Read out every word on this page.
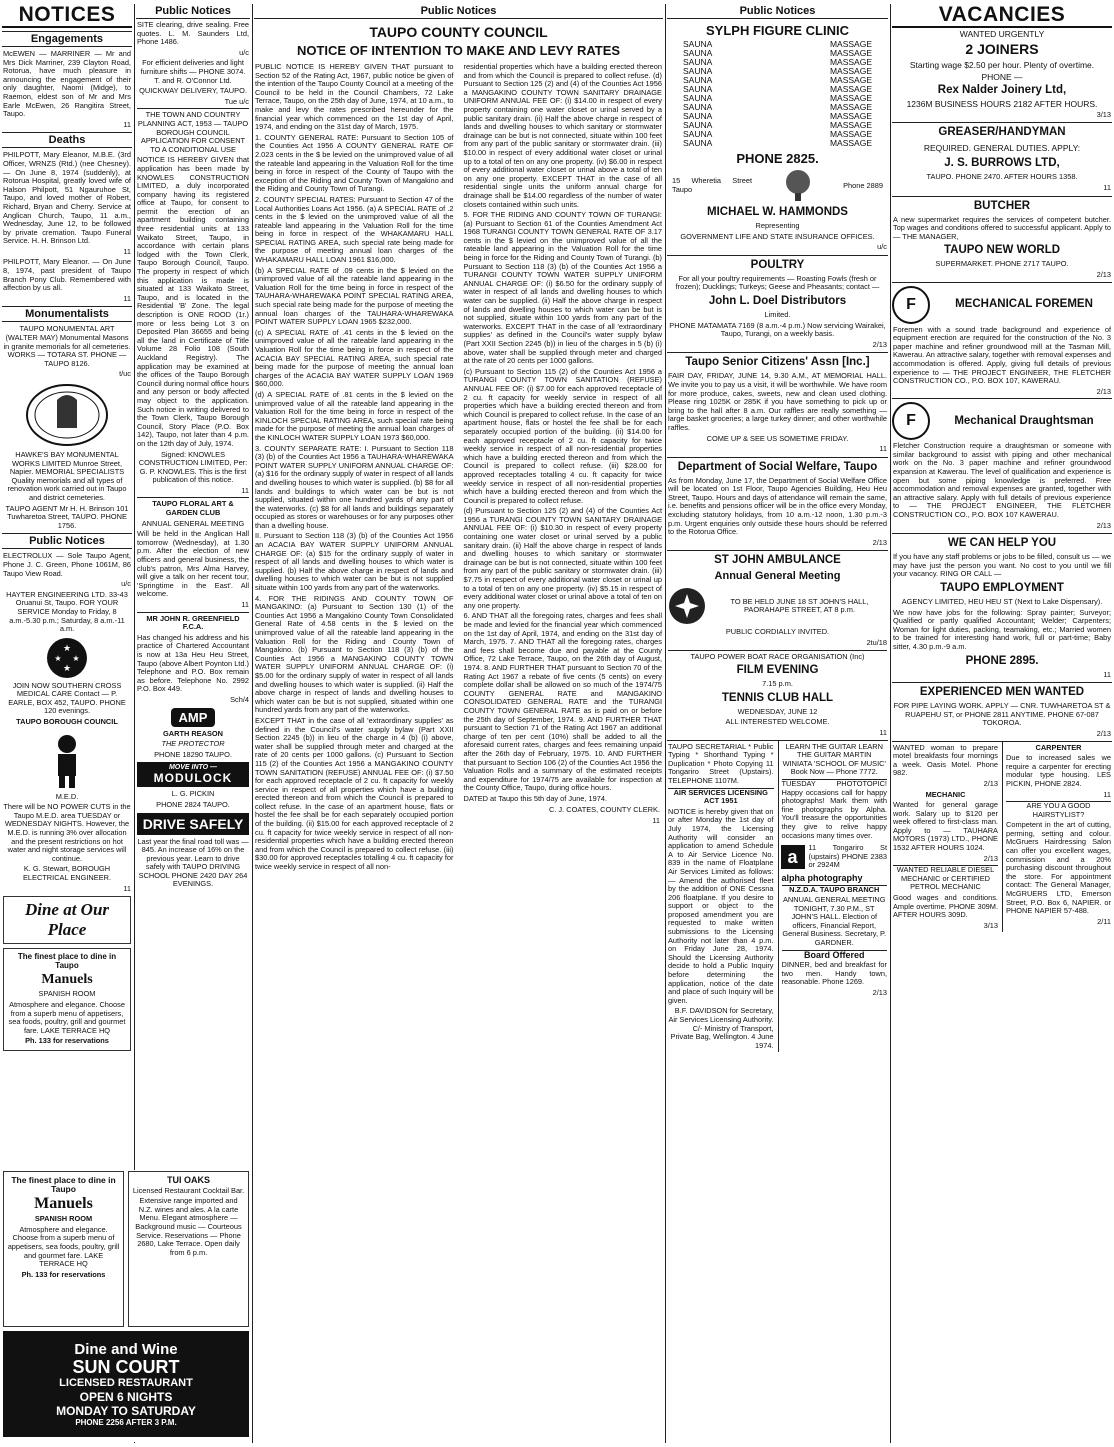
NOTICES
Engagements
McEWEN — MARRINER — Mr and Mrs Dick Marriner, 239 Clayton Road, Rotorua, have much pleasure in announcing the engagement of their only daughter, Naomi (Midge), to Raemon, eldest son of Mr and Mrs Earle McEwen, 26 Rangitira Street, Taupo.
11
Deaths
PHILPOTT, Mary Eleanor, M.B.E. (3rd Officer, WRNZS (Rtd.) (nee Chesney). — On June 8, 1974 (suddenly), at Rotorua Hospital, greatly loved wife of Halson Philpott, 51 Ngauruhoe St, Taupo, and loved mother of Robert, Richard, Bryan and Cherry. Service at Anglican Church, Taupo, 11 a.m., Wednesday, June 12, to be followed by private cremation. Taupo Funeral Service. H. H. Brinson Ltd.
11
PHILPOTT, Mary Eleanor. — On June 8, 1974, past president of Taupo Branch Pony Club. Remembered with affection by us all.
11
Monumentalists
TAUPO MONUMENTAL ART (WALTER MAY) Monumental Masons in granite memorials for all cemeteries. WORKS — TOTARA ST. PHONE — TAUPO 8126.
t/uc
HAWKE'S BAY MONUMENTAL WORKS LIMITED Munroe Street, Napier. MEMORIAL SPECIALISTS Quality memorials and all types of renovation work carried out in Taupo and district cemeteries.
TAUPO AGENT Mr H. H. Brinson 101 Tuwharetoa Street, TAUPO. PHONE 1756.
Public Notices
ELECTROLUX — Sole Taupo Agent, Phone J. C. Green, Phone 1061M, 86 Taupo View Road.
u/c
HAYTER ENGINEERING LTD. 33-43 Oruanui St, Taupo. FOR YOUR SERVICE Monday to Friday, 8 a.m.-5.30 p.m.; Saturday, 8 a.m.-11 a.m.
★
★ ★
★
JOIN NOW SOUTHERN CROSS MEDICAL CARE Contact — P. EARLE, BOX 452, TAUPO. PHONE 120 evenings.
TAUPO BOROUGH COUNCIL
M.E.D.
There will be NO POWER CUTS in the Taupo M.E.D. area TUESDAY or WEDNESDAY NIGHTS. However, the M.E.D. is running 3% over allocation and the present restrictions on hot water and night storage services will continue.
K. G. Stewart, BOROUGH ELECTRICAL ENGINEER.
11
Dine at Our Place
The finest place to dine in Taupo
Manuels
SPANISH ROOM
Atmosphere and elegance. Choose from a superb menu of appetisers, sea foods, poultry, grill and gourmet fare. LAKE TERRACE HQ
Ph. 133 for reservations
Public Notices
SITE clearing, drive sealing. Free quotes. L. M. Saunders Ltd, Phone 1486.
u/c
For efficient deliveries and light furniture shifts — PHONE 3074. T. and R. O'Connor Ltd.
QUICKWAY DELIVERY, TAUPO.
Tue u/c
THE TOWN AND COUNTRY PLANNING ACT, 1953 — TAUPO BOROUGH COUNCIL APPLICATION FOR CONSENT TO A CONDITIONAL USE
NOTICE IS HEREBY GIVEN that application has been made by KNOWLES CONSTRUCTION LIMITED, a duly incorporated company having its registered office at Taupo, for consent to permit the erection of an apartment building containing three residential units at 133 Waikato Street, Taupo, in accordance with certain plans lodged with the Town Clerk, Taupo Borough Council, Taupo. The property in respect of which this application is made is situated at 133 Waikato Street, Taupo, and is located in the Residential 'B' Zone. The legal description is ONE ROOD (1r.) more or less being Lot 3 on Deposited Plan 36655 and being all the land in Certificate of Title Volume 28 Folio 108 (South Auckland Registry). The application may be examined at the offices of the Taupo Borough Council during normal office hours and any person or body affected may object to the application. Such notice in writing delivered to the Town Clerk, Taupo Borough Council, Story Place (P.O. Box 142), Taupo, not later than 4 p.m. on the 12th day of July, 1974.
Signed: KNOWLES CONSTRUCTION LIMITED, Per: G. P. KNOWLES. This is the first publication of this notice.
11
TAUPO FLORAL ART & GARDEN CLUB
ANNUAL GENERAL MEETING
Will be held in the Anglican Hall tomorrow (Wednesday), at 1.30 p.m. After the election of new officers and general business, the club's patron, Mrs Alma Harvey, will give a talk on her recent tour, 'Springtime in the East'. All welcome.
11
MR JOHN R. GREENFIELD F.C.A.
Has changed his address and his practice of Chartered Accountant is now at 13a Heu Heu Street, Taupo (above Albert Poynton Ltd.) Telephone and P.O. Box remain as before. Telephone No. 2992 P.O. Box 449.
Sch/4
AMP
GARTH REASON
THE PROTECTOR
PHONE 18290 TAUPO.
MOVE INTO —
MODULOCK
L. G. PICKIN
PHONE 2824 TAUPO.
DRIVE SAFELY
Last year the final road toll was — 845. An increase of 16% on the previous year. Learn to drive safely with TAUPO DRIVING SCHOOL PHONE 2420 DAY 264 EVENINGS.
Public Notices
TAUPO COUNTY COUNCIL
NOTICE OF INTENTION TO MAKE AND LEVY RATES
PUBLIC NOTICE IS HEREBY GIVEN THAT pursuant to Section 52 of the Rating Act, 1967, public notice be given of the intention of the Taupo County Council at a meeting of the Council to be held in the Council Chambers, 72 Lake Terrace, Taupo, on the 25th day of June, 1974, at 10 a.m., to make and levy the rates prescribed hereunder for the financial year which commenced on the 1st day of April, 1974, and ending on the 31st day of March, 1975.
1. COUNTY GENERAL RATE: Pursuant to Section 105 of the Counties Act 1956 A COUNTY GENERAL RATE OF 2.023 cents in the $ be levied on the unimproved value of all the rateable land appearing in the Valuation Roll for the time being in force in respect of the County of Taupo with the exception of the Riding and County Town of Mangakino and the Riding and County Town of Turangi.
2. COUNTY SPECIAL RATES: Pursuant to Section 47 of the Local Authorities Loans Act 1956. (a) A SPECIAL RATE of .2 cents in the $ levied on the unimproved value of all the rateable land appearing in the Valuation Roll for the time being in force in respect of the WHAKAMARU HALL SPECIAL RATING AREA, such special rate being made for the purpose of meeting annual loan charges of the WHAKAMARU HALL LOAN 1961 $16,000.
(b) A SPECIAL RATE of .09 cents in the $ levied on the unimproved value of all the rateable land appearing in the Valuation Roll for the time being in force in respect of the TAUHARA-WHAREWAKA POINT SPECIAL RATING AREA, such special rate being made for the purpose of meeting the annual loan charges of the TAUHARA-WHAREWAKA POINT WATER SUPPLY LOAN 1965 $232,000.
(c) A SPECIAL RATE of .41 cents in the $ levied on the unimproved value of all the rateable land appearing in the Valuation Roll for the time being in force in respect of the ACACIA BAY SPECIAL RATING AREA, such special rate being made for the purpose of meeting the annual loan charges of the ACACIA BAY WATER SUPPLY LOAN 1969 $60,000.
(d) A SPECIAL RATE of .81 cents in the $ levied on the unimproved value of all the rateable land appearing in the Valuation Roll for the time being in force in respect of the KINLOCH SPECIAL RATING AREA, such special rate being made for the purpose of meeting the annual loan charges of the KINLOCH WATER SUPPLY LOAN 1973 $60,000.
3. COUNTY SEPARATE RATE: I. Pursuant to Section 118 (3) (b) of the Counties Act 1956 a TAUHARA-WHAREWAKA POINT WATER SUPPLY UNIFORM ANNUAL CHARGE OF: (a) $16 for the ordinary supply of water in respect of all lands and dwelling houses to which water is supplied. (b) $8 for all lands and buildings to which water can be but is not supplied, situated within one hundred yards of any part of the waterworks. (c) $8 for all lands and buildings separately occupied as stores or warehouses or for any purposes other than a dwelling house.
II. Pursuant to Section 118 (3) (b) of the Counties Act 1956 an ACACIA BAY WATER SUPPLY UNIFORM ANNUAL CHARGE OF: (a) $15 for the ordinary supply of water in respect of all lands and dwelling houses to which water is supplied. (b) Half the above charge in respect of lands and dwelling houses to which water can be but is not supplied situate within 100 yards from any part of the waterworks.
4. FOR THE RIDINGS AND COUNTY TOWN OF MANGAKINO: (a) Pursuant to Section 130 (1) of the Counties Act 1956 a Mangakino County Town Consolidated General Rate of 4.58 cents in the $ levied on the unimproved value of all the rateable land appearing in the Valuation Roll for the Riding and County Town of Mangakino. (b) Pursuant to Section 118 (3) (b) of the Counties Act 1956 a MANGAKINO COUNTY TOWN WATER SUPPLY UNIFORM ANNUAL CHARGE OF: (i) $5.00 for the ordinary supply of water in respect of all lands and dwelling houses to which water is supplied. (ii) Half the above charge in respect of lands and dwelling houses to which water can be but is not supplied, situated within one hundred yards from any part of the waterworks.
EXCEPT THAT in the case of all 'extraordinary supplies' as defined in the Council's water supply bylaw (Part XXII Section 2245 (b)) in lieu of the charge in 4 (b) (i) above, water shall be supplied through meter and charged at the rate of 20 cents per 1000 gallons. (c) Pursuant to Section 115 (2) of the Counties Act 1956 a MANGAKINO COUNTY TOWN SANITATION (REFUSE) ANNUAL FEE OF: (i) $7.50 for each approved receptacle of 2 cu. ft capacity for weekly service in respect of all properties which have a building erected thereon and from which the Council is prepared to collect refuse. In the case of an apartment house, flats or hostel the fee shall be for each separately occupied portion of the building. (ii) $15.00 for each approved receptacle of 2 cu. ft capacity for twice weekly service in respect of all non-residential properties which have a building erected thereon and from which the Council is prepared to collect refuse. (iii) $30.00 for approved receptacles totalling 4 cu. ft capacity for twice weekly service in respect of all non-
residential properties which have a building erected thereon and from which the Council is prepared to collect refuse. (d) Pursuant to Section 125 (2) and (4) of the Counties Act 1956 a MANGAKINO COUNTY TOWN SANITARY DRAINAGE UNIFORM ANNUAL FEE OF: (i) $14.00 in respect of every property containing one water closet or urinal served by a public sanitary drain. (ii) Half the above charge in respect of lands and dwelling houses to which sanitary or stormwater drainage can be but is not connected, situate within 100 feet from any part of the public sanitary or stormwater drain. (iii) $10.00 in respect of every additional water closet or urinal up to a total of ten on any one property. (iv) $6.00 in respect of every additional water closet or urinal above a total of ten on any one property. EXCEPT THAT in the case of all residential single units the uniform annual charge for drainage shall be $14.00 regardless of the number of water closets contained within such units.
5. FOR THE RIDING AND COUNTY TOWN OF TURANGI: (a) Pursuant to Section 61 of the Counties Amendment Act 1968 TURANGI COUNTY TOWN GENERAL RATE OF 3.17 cents in the $ levied on the unimproved value of all the rateable land appearing in the Valuation Roll for the time being in force for the Riding and County Town of Turangi. (b) Pursuant to Section 118 (3) (b) of the Counties Act 1956 a TURANGI COUNTY TOWN WATER SUPPLY UNIFORM ANNUAL CHARGE OF: (i) $6.50 for the ordinary supply of water in respect of all lands and dwelling houses to which water can be supplied. (ii) Half the above charge in respect of lands and dwelling houses to which water can be but is not supplied, situate within 100 yards from any part of the waterworks. EXCEPT THAT in the case of all 'extraordinary supplies' as defined in the Council's water supply bylaw (Part XXII Section 2245 (b)) in lieu of the charges in 5 (b) (i) above, water shall be supplied through meter and charged at the rate of 20 cents per 1000 gallons.
(c) Pursuant to Section 115 (2) of the Counties Act 1956 a TURANGI COUNTY TOWN SANITATION (REFUSE) ANNUAL FEE OF: (i) $7.00 for each approved receptacle of 2 cu. ft capacity for weekly service in respect of all properties which have a building erected thereon and from which Council is prepared to collect refuse. In the case of an apartment house, flats or hostel the fee shall be for each separately occupied portion of the building. (ii) $14.00 for each approved receptacle of 2 cu. ft capacity for twice weekly service in respect of all non-residential properties which have a building erected thereon and from which the Council is prepared to collect refuse. (iii) $28.00 for approved receptacles totalling 4 cu. ft capacity for twice weekly service in respect of all non-residential properties which have a building erected thereon and from which the Council is prepared to collect refuse.
(d) Pursuant to Section 125 (2) and (4) of the Counties Act 1956 a TURANGI COUNTY TOWN SANITARY DRAINAGE ANNUAL FEE OF: (i) $10.30 in respect of every property containing one water closet or urinal served by a public sanitary drain. (ii) Half the above charge in respect of lands and dwelling houses to which sanitary or stormwater drainage can be but is not connected, situate within 100 feet from any part of the public sanitary or stormwater drain. (iii) $7.75 in respect of every additional water closet or urinal up to a total of ten on any one property. (iv) $5.15 in respect of every additional water closet or urinal above a total of ten on any one property.
6. AND THAT all the foregoing rates, charges and fees shall be made and levied for the financial year which commenced on the 1st day of April, 1974, and ending on the 31st day of March, 1975. 7. AND THAT all the foregoing rates, charges and fees shall become due and payable at the County Office, 72 Lake Terrace, Taupo, on the 26th day of August, 1974. 8. AND FURTHER THAT pursuant to Section 70 of the Rating Act 1967 a rebate of five cents (5 cents) on every complete dollar shall be allowed on so much of the 1974/75 COUNTY GENERAL RATE and MANGAKINO CONSOLIDATED GENERAL RATE and the TURANGI COUNTY TOWN GENERAL RATE as is paid on or before the 25th day of September, 1974. 9. AND FURTHER THAT pursuant to Section 71 of the Rating Act 1967 an additional charge of ten per cent (10%) shall be added to all the aforesaid current rates, charges and fees remaining unpaid after the 26th day of February, 1975. 10. AND FURTHER that pursuant to Section 106 (2) of the Counties Act 1956 the Valuation Rolls and a summary of the estimated receipts and expenditure for 1974/75 are available for inspection at the County Office, Taupo, during office hours.
DATED at Taupo this 5th day of June, 1974.
C. J. COATES, COUNTY CLERK.
11
Public Notices
SYLPH FIGURE CLINIC
SAUNA	MASSAGE
SAUNA	MASSAGE
SAUNA	MASSAGE
SAUNA	MASSAGE
SAUNA	MASSAGE
SAUNA	MASSAGE
SAUNA	MASSAGE
SAUNA	MASSAGE
SAUNA	MASSAGE
SAUNA	MASSAGE
SAUNA	MASSAGE
SAUNA	MASSAGE
PHONE 2825.
15 Wheretia Street Taupo	Phone 2889
MICHAEL W. HAMMONDS
Representing
GOVERNMENT LIFE AND STATE INSURANCE OFFICES.
u/c
POULTRY
For all your poultry requirements — Roasting Fowls (fresh or frozen); Ducklings; Turkeys; Geese and Pheasants; contact —
John L. Doel Distributors
Limited.
PHONE MATAMATA 7169 (8 a.m.-4 p.m.) Now servicing Wairakei, Taupo, Turangi, on a weekly basis.
2/13
Taupo Senior Citizens' Assn [Inc.]
FAIR DAY, FRIDAY, JUNE 14, 9.30 A.M., AT MEMORIAL HALL. We invite you to pay us a visit, it will be worthwhile. We have room for more produce, cakes, sweets, new and clean used clothing. Please ring 1025K or 285K if you have something to pick up or bring to the hall after 8 a.m. Our raffles are really something — large basket groceries; a large turkey dinner; and other worthwhile raffles.
COME UP & SEE US SOMETIME FRIDAY.
11
Department of Social Welfare, Taupo
As from Monday, June 17, the Department of Social Welfare Office will be located on 1st Floor, Taupo Agencies Building, Heu Heu Street, Taupo. Hours and days of attendance will remain the same, i.e. benefits and pensions officer will be in the office every Monday, excluding statutory holidays, from 10 a.m.-12 noon, 1.30 p.m.-3 p.m. Urgent enquiries only outside these hours should be referred to the Rotorua Office.
2/13
ST JOHN AMBULANCE
Annual General Meeting
TO BE HELD JUNE 18 ST JOHN'S HALL, PAORAHAPE STREET, AT 8 p.m.
PUBLIC CORDIALLY INVITED.
2tu/18
TAUPO POWER BOAT RACE ORGANISATION (Inc)
FILM EVENING
7.15 p.m.
TENNIS CLUB HALL
WEDNESDAY, JUNE 12
ALL INTERESTED WELCOME.
11
TAUPO SECRETARIAL * Public Typing * Shorthand Typing * Duplication * Photo Copying 11 Tongariro Street (Upstairs). TELEPHONE 1107M.
AIR SERVICES LICENSING ACT 1951
NOTICE is hereby given that on or after Monday the 1st day of July 1974, the Licensing Authority will consider an application to amend Schedule A to Air Service Licence No. 839 in the name of Floatplane Air Services Limited as follows:— Amend the authorised fleet by the addition of ONE Cessna 206 floatplane. If you desire to support or object to the proposed amendment you are requested to make written submissions to the Licensing Authority not later than 4 p.m. on Friday June 28, 1974. Should the Licensing Authority decide to hold a Public Inquiry before determining the application, notice of the date and place of such Inquiry will be given.
B.F. DAVIDSON for Secretary, Air Services Licensing Authority. C/- Ministry of Transport, Private Bag, Wellington. 4 June 1974.
LEARN THE GUITAR LEARN THE GUITAR MARTIN WINIATA 'SCHOOL OF MUSIC' Book Now — Phone 7772.
TUESDAY PHOTOTOPIC! Happy occasions call for happy photographs! Mark them with fine photographs by Alpha. You'll treasure the opportunities they give to relive happy occasions many times over.
a	11 Tongariro St (upstairs) PHONE 2383 or 2924M
alpha photography
N.Z.D.A. TAUPO BRANCH
ANNUAL GENERAL MEETING TONIGHT, 7.30 P.M., ST JOHN'S HALL. Election of officers, Financial Report, General Business. Secretary, P. GARDNER.
Board Offered
DINNER, bed and breakfast for two men. Handy town, reasonable. Phone 1269.
2/13
VACANCIES
WANTED URGENTLY
2 JOINERS
Starting wage $2.50 per hour. Plenty of overtime.
PHONE —
Rex Nalder Joinery Ltd,
1236M BUSINESS HOURS 2182 AFTER HOURS.
3/13
GREASER/HANDYMAN
REQUIRED. GENERAL DUTIES. APPLY:
J. S. BURROWS LTD,
TAUPO. PHONE 2470. AFTER HOURS 1358.
11
BUTCHER
A new supermarket requires the services of competent butcher. Top wages and conditions offered to successful applicant. Apply to — THE MANAGER,
TAUPO NEW WORLD
SUPERMARKET. PHONE 2717 TAUPO.
2/13
F	MECHANICAL FOREMEN
Foremen with a sound trade background and experience of equipment erection are required for the construction of the No. 3 paper machine and refiner groundwood mill at the Tasman Mill, Kawerau. An attractive salary, together with removal expenses and accommodation is offered. Apply, giving full details of previous experience to — THE PROJECT ENGINEER, THE FLETCHER CONSTRUCTION CO., P.O. BOX 107, KAWERAU.
2/13
F	Mechanical Draughtsman
Fletcher Construction require a draughtsman or someone with similar background to assist with piping and other mechanical work on the No. 3 paper machine and refiner groundwood expansion at Kawerau. The level of qualification and experience is open but some piping knowledge is preferred. Free accommodation and removal expenses are granted, together with an attractive salary. Apply with full details of previous experience to — THE PROJECT ENGINEER, THE FLETCHER CONSTRUCTION CO., P.O. BOX 107 KAWERAU.
2/13
WE CAN HELP YOU
If you have any staff problems or jobs to be filled, consult us — we may have just the person you want. No cost to you until we fill your vacancy. RING OR CALL —
TAUPO EMPLOYMENT
AGENCY LIMITED, HEU HEU ST (Next to Lake Dispensary).
We now have jobs for the following: Spray painter; Surveyor; Qualified or partly qualified Accountant; Welder; Carpenters; Woman for light duties, packing, teamaking, etc.; Married women to be trained for interesting hand work, full or part-time; Baby sitter, 4.30 p.m.-9 a.m.
PHONE 2895.
11
EXPERIENCED MEN WANTED
FOR PIPE LAYING WORK. APPLY — CNR. TUWHARETOA ST & RUAPEHU ST, or PHONE 2811 ANYTIME. PHONE 67-087 TOKOROA.
2/13
WANTED woman to prepare motel breakfasts four mornings a week. Oasis Motel. Phone 982.
2/13
MECHANIC
Wanted for general garage work. Salary up to $120 per week offered to first-class man. Apply to — TAUHARA MOTORS (1973) LTD., PHONE 1532 AFTER HOURS 1024.
2/13
WANTED RELIABLE DIESEL MECHANIC or CERTIFIED PETROL MECHANIC
Good wages and conditions. Ample overtime. PHONE 309M. AFTER HOURS 309D.
3/13
CARPENTER
Due to increased sales we require a carpenter for erecting modular type housing. LES PICKIN, PHONE 2824.
11
ARE YOU A GOOD HAIRSTYLIST?
Competent in the art of cutting, perming, setting and colour. McGruers Hairdressing Salon can offer you excellent wages, commission and a 20% purchasing discount throughout the store. For appointment contact: The General Manager, McGRUERS LTD, Emerson Street, P.O. Box 6, NAPIER. or PHONE NAPIER 57-488.
2/11
The finest place to dine in Taupo
Manuels
SPANISH ROOM
Atmosphere and elegance. Choose from a superb menu of appetisers, sea foods, poultry, grill and gourmet fare. LAKE TERRACE HQ
Ph. 133 for reservations
TUI OAKS
Licensed Restaurant Cocktail Bar.
Extensive range imported and N.Z. wines and ales. A la carte Menu. Elegant atmosphere — Background music — Courteous Service. Reservations — Phone 2680, Lake Terrace. Open daily from 6 p.m.
Dine and Wine
SUN COURT
LICENSED RESTAURANT
OPEN 6 NIGHTS
MONDAY TO SATURDAY
PHONE 2256 AFTER 3 P.M.
